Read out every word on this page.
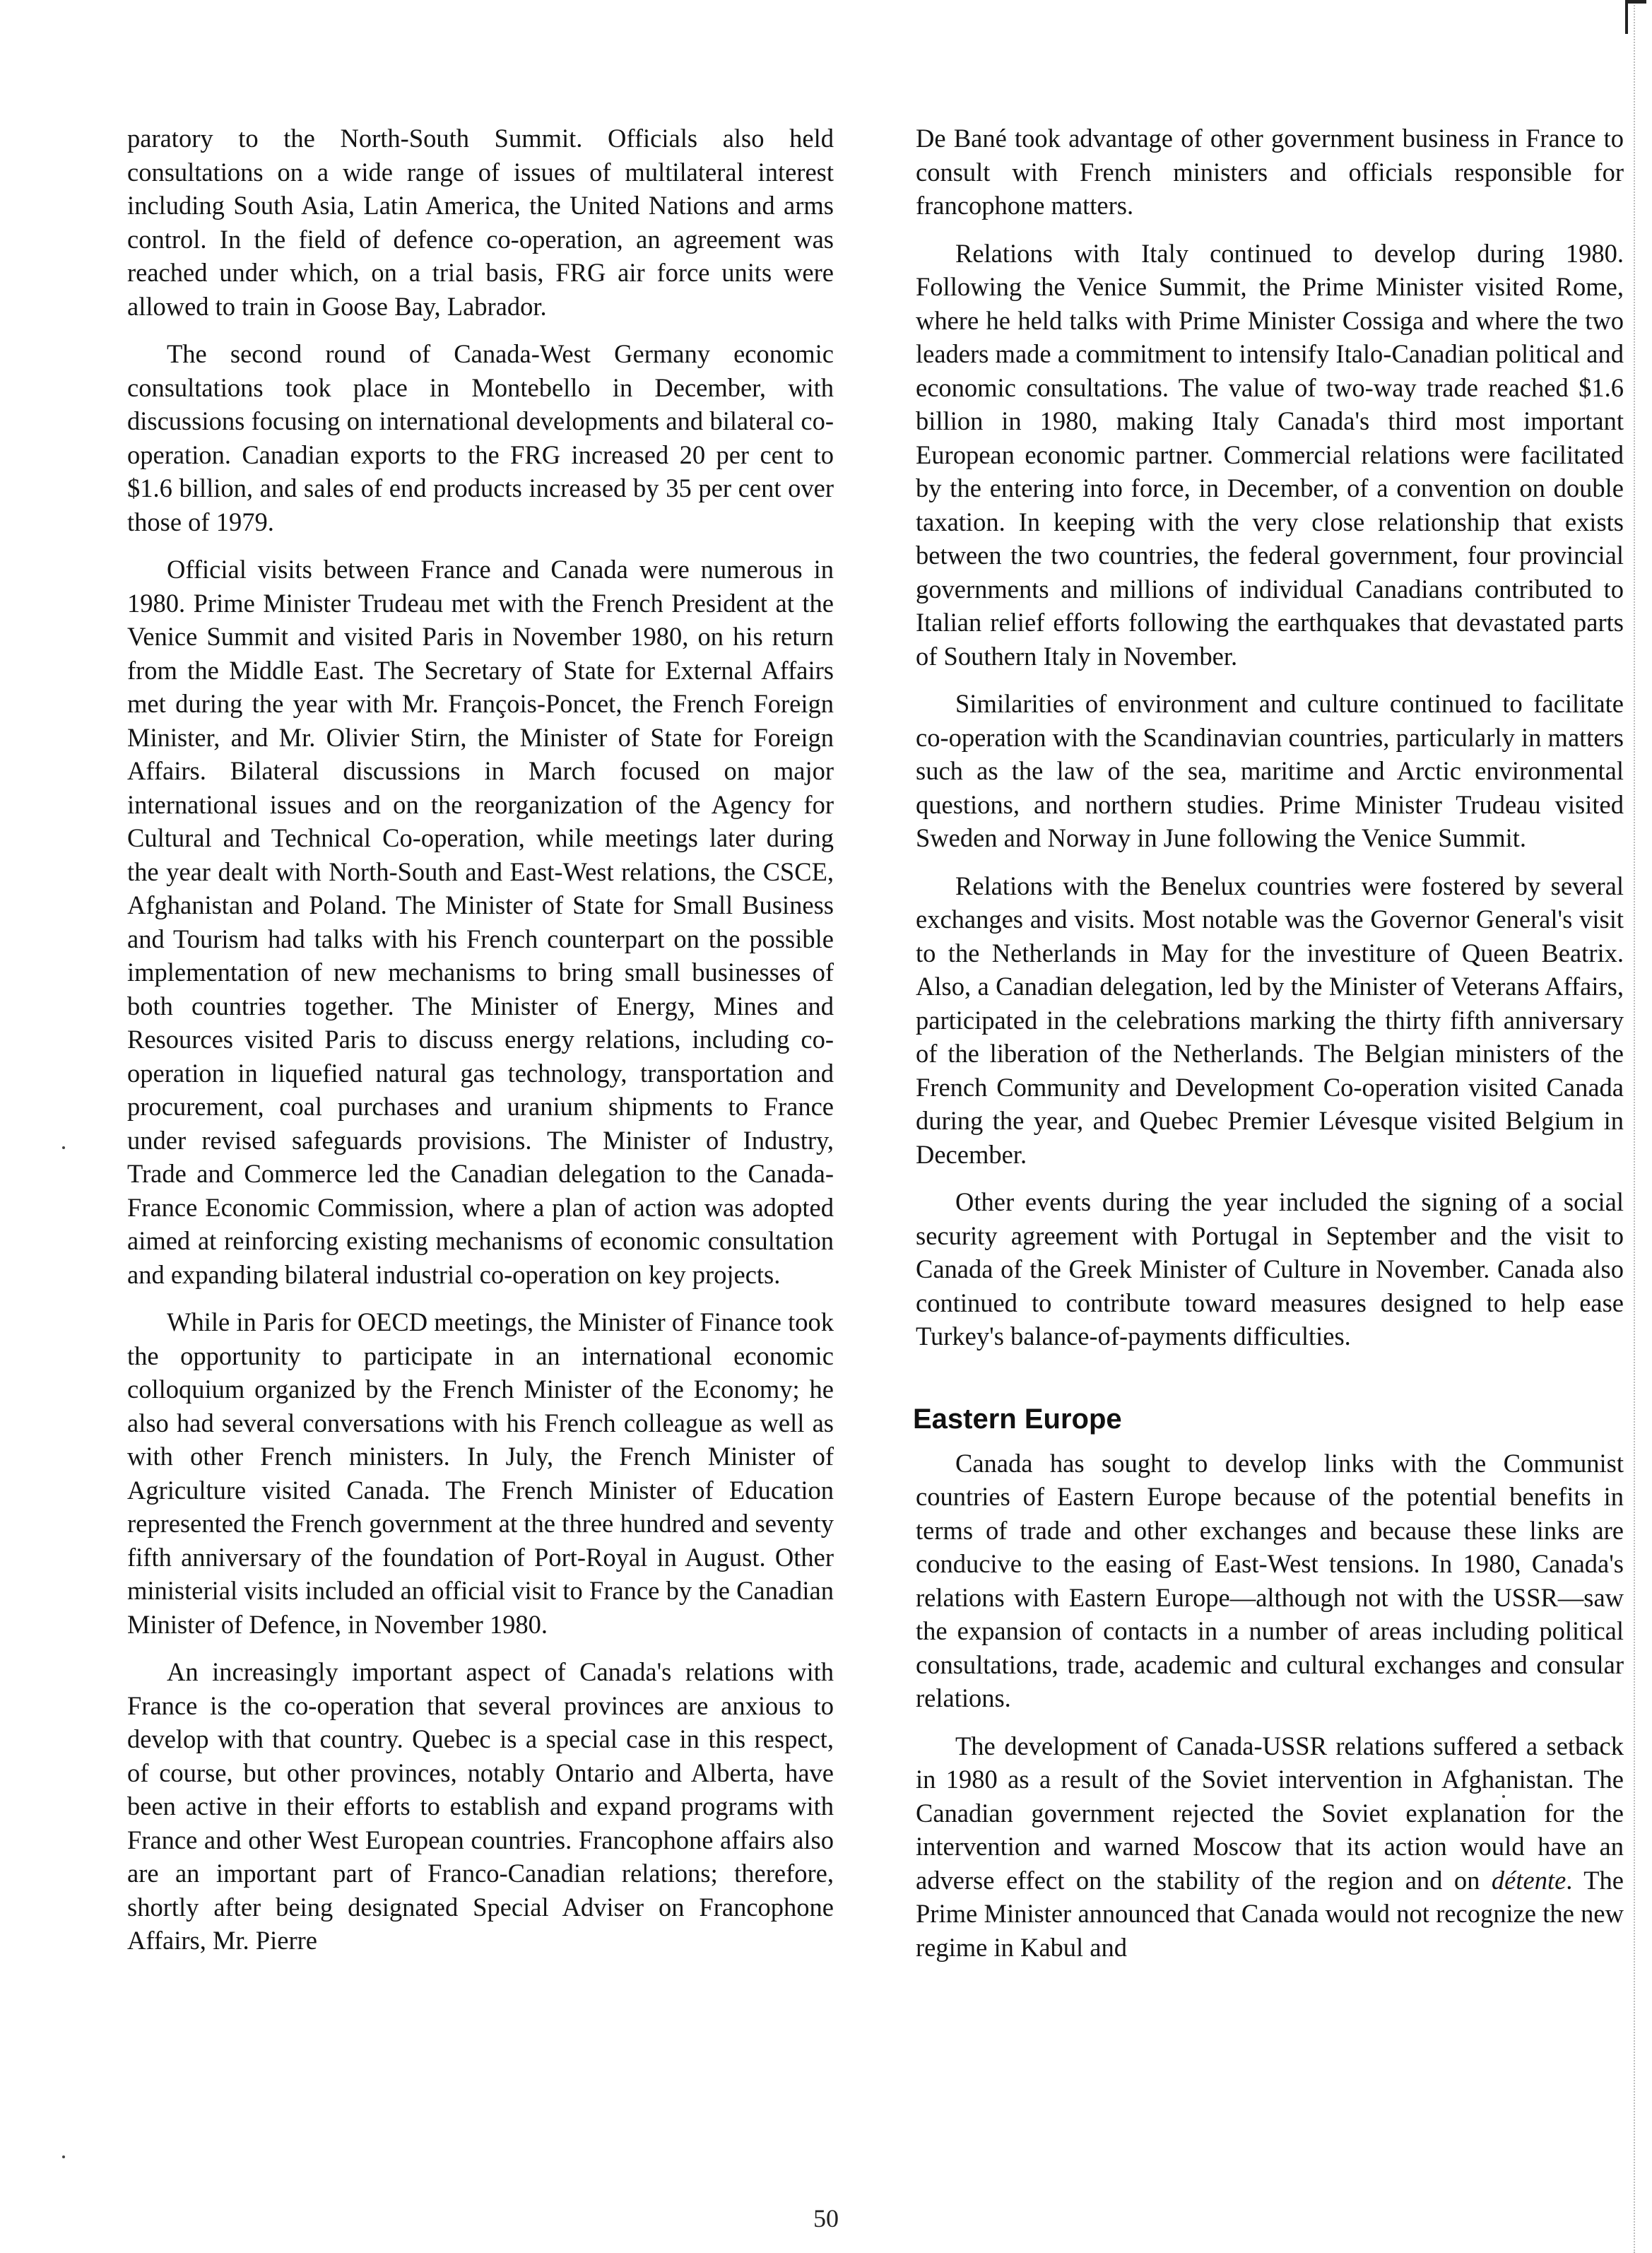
paratory to the North-South Summit. Officials also held consultations on a wide range of issues of multilateral interest including South Asia, Latin America, the United Nations and arms control. In the field of defence co-operation, an agreement was reached under which, on a trial basis, FRG air force units were allowed to train in Goose Bay, Labrador.

The second round of Canada-West Germany economic consultations took place in Montebello in December, with discussions focusing on international developments and bilateral co-operation. Canadian exports to the FRG increased 20 per cent to $1.6 billion, and sales of end products increased by 35 per cent over those of 1979.

Official visits between France and Canada were numerous in 1980. Prime Minister Trudeau met with the French President at the Venice Summit and visited Paris in November 1980, on his return from the Middle East. The Secretary of State for External Affairs met during the year with Mr. François-Poncet, the French Foreign Minister, and Mr. Olivier Stirn, the Minister of State for Foreign Affairs. Bilateral discussions in March focused on major international issues and on the reorganization of the Agency for Cultural and Technical Co-operation, while meetings later during the year dealt with North-South and East-West relations, the CSCE, Afghanistan and Poland. The Minister of State for Small Business and Tourism had talks with his French counterpart on the possible implementation of new mechanisms to bring small businesses of both countries together. The Minister of Energy, Mines and Resources visited Paris to discuss energy relations, including co-operation in liquefied natural gas technology, transportation and procurement, coal purchases and uranium shipments to France under revised safeguards provisions. The Minister of Industry, Trade and Commerce led the Canadian delegation to the Canada-France Economic Commission, where a plan of action was adopted aimed at reinforcing existing mechanisms of economic consultation and expanding bilateral industrial co-operation on key projects.

While in Paris for OECD meetings, the Minister of Finance took the opportunity to participate in an international economic colloquium organized by the French Minister of the Economy; he also had several conversations with his French colleague as well as with other French ministers. In July, the French Minister of Agriculture visited Canada. The French Minister of Education represented the French government at the three hundred and seventy fifth anniversary of the foundation of Port-Royal in August. Other ministerial visits included an official visit to France by the Canadian Minister of Defence, in November 1980.

An increasingly important aspect of Canada's relations with France is the co-operation that several provinces are anxious to develop with that country. Quebec is a special case in this respect, of course, but other provinces, notably Ontario and Alberta, have been active in their efforts to establish and expand programs with France and other West European countries. Francophone affairs also are an important part of Franco-Canadian relations; therefore, shortly after being designated Special Adviser on Francophone Affairs, Mr. Pierre

De Bané took advantage of other government business in France to consult with French ministers and officials responsible for francophone matters.

Relations with Italy continued to develop during 1980. Following the Venice Summit, the Prime Minister visited Rome, where he held talks with Prime Minister Cossiga and where the two leaders made a commitment to intensify Italo-Canadian political and economic consultations. The value of two-way trade reached $1.6 billion in 1980, making Italy Canada's third most important European economic partner. Commercial relations were facilitated by the entering into force, in December, of a convention on double taxation. In keeping with the very close relationship that exists between the two countries, the federal government, four provincial governments and millions of individual Canadians contributed to Italian relief efforts following the earthquakes that devastated parts of Southern Italy in November.

Similarities of environment and culture continued to facilitate co-operation with the Scandinavian countries, particularly in matters such as the law of the sea, maritime and Arctic environmental questions, and northern studies. Prime Minister Trudeau visited Sweden and Norway in June following the Venice Summit.

Relations with the Benelux countries were fostered by several exchanges and visits. Most notable was the Governor General's visit to the Netherlands in May for the investiture of Queen Beatrix. Also, a Canadian delegation, led by the Minister of Veterans Affairs, participated in the celebrations marking the thirty fifth anniversary of the liberation of the Netherlands. The Belgian ministers of the French Community and Development Co-operation visited Canada during the year, and Quebec Premier Lévesque visited Belgium in December.

Other events during the year included the signing of a social security agreement with Portugal in September and the visit to Canada of the Greek Minister of Culture in November. Canada also continued to contribute toward measures designed to help ease Turkey's balance-of-payments difficulties.

Eastern Europe

Canada has sought to develop links with the Communist countries of Eastern Europe because of the potential benefits in terms of trade and other exchanges and because these links are conducive to the easing of East-West tensions. In 1980, Canada's relations with Eastern Europe—although not with the USSR—saw the expansion of contacts in a number of areas including political consultations, trade, academic and cultural exchanges and consular relations.

The development of Canada-USSR relations suffered a setback in 1980 as a result of the Soviet intervention in Afghanistan. The Canadian government rejected the Soviet explanation for the intervention and warned Moscow that its action would have an adverse effect on the stability of the region and on détente. The Prime Minister announced that Canada would not recognize the new regime in Kabul and

50
